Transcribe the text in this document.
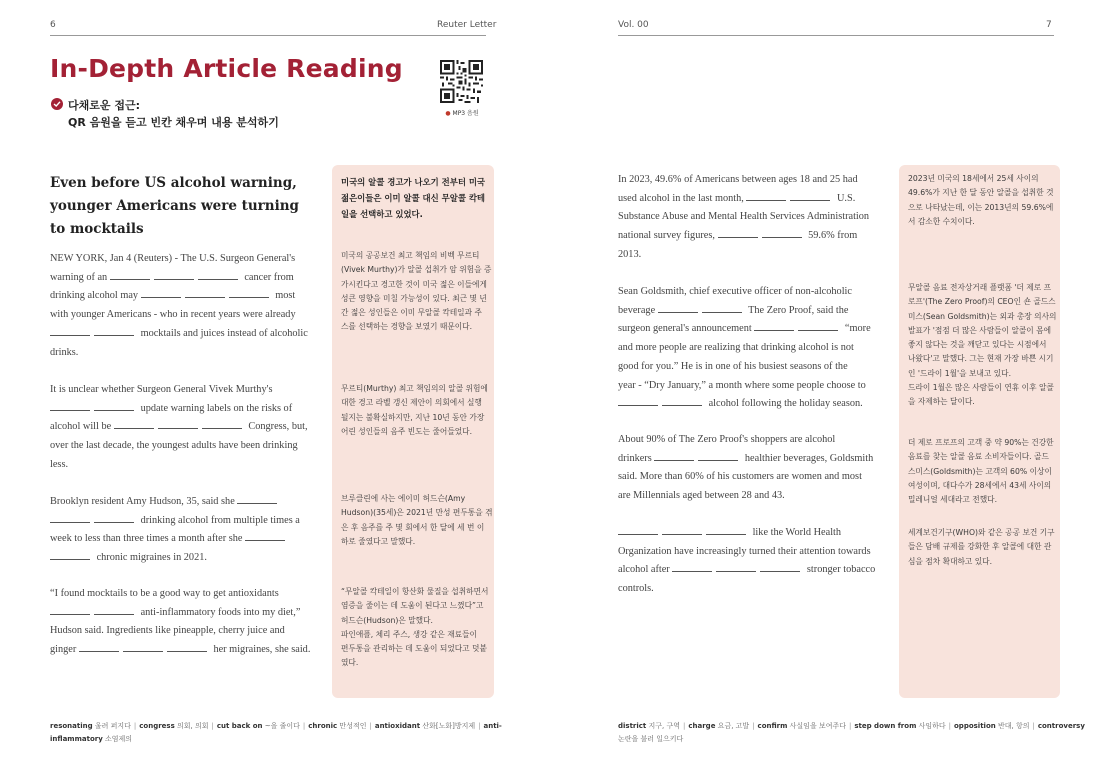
6	Reuter Letter
In-Depth Article Reading
다채로운 접근:
QR 음원을 듣고 빈칸 채우며 내용 분석하기
● MP3 음원
Even before US alcohol warning, younger Americans were turning to mocktails
NEW YORK, Jan 4 (Reuters) - The U.S. Surgeon General's
warning of an	cancer from
drinking alcohol may	most
with younger Americans - who in recent years were already
mocktails and juices instead of alcoholic
drinks.
It is unclear whether Surgeon General Vivek Murthy's
update warning labels on the risks of
alcohol will be	Congress, but,
over the last decade, the youngest adults have been drinking
less.
Brooklyn resident Amy Hudson, 35, said she
drinking alcohol from multiple times a
week to less than three times a month after she
chronic migraines in 2021.
“I found mocktails to be a good way to get antioxidants
anti-inflammatory foods into my diet,”
Hudson said. Ingredients like pineapple, cherry juice and
ginger	her migraines, she said.
미국의 알콜 경고가 나오기 전부터 미국
젊은이들은 이미 알콜 대신 무알콜 칵테
일을 선택하고 있었다.
미국의 공공보건 최고 책임의 비벡 무르티
(Vivek Murthy)가 알콜 섭취가 암 위험을 증
가시킨다고 경고한 것이 미국 젊은 이들에게
성큰 영향을 미칠 가능성이 있다. 최근 몇 년
간 젊은 성인들은 이미 무알콜 칵테일과 주
스를 선택하는 경향을 보였기 때문이다.
무르티(Murthy) 최고 책임의의 알콜 위험에
대한 경고 라벨 갱신 제안이 의회에서 실행
될지는 불확실하지만, 지난 10년 동안 가장
어린 성인들의 음주 빈도는 줄어들었다.
브루클린에 사는 에이미 허드슨(Amy
Hudson)(35세)은 2021년 만성 편두통을 겪
은 후 음주를 주 몇 회에서 한 달에 세 번 이
하로 줄였다고 말했다.
“무알콜 칵테일이 항산화 물질을 섭취하면서
염증을 줄이는 데 도움이 된다고 느꼈다”고
허드슨(Hudson)은 말했다.
파인애플, 체리 주스, 생강 같은 재료들이
편두통을 관리하는 데 도움이 되었다고 덧붙
였다.
resonating 울려 퍼지다 | congress 의회, 의회 | cut back on ~을 줄이다 | chronic 만성적인 | antioxidant 산화[노화]방지제 | anti-
inflammatory 소염제의
Vol. 00	7
In 2023, 49.6% of Americans between ages 18 and 25 had
used alcohol in the last month,	U.S.
Substance Abuse and Mental Health Services Administration
national survey figures,	59.6% from
2013.
Sean Goldsmith, chief executive officer of non-alcoholic
beverage	The Zero Proof, said the
surgeon general's announcement	“more
and more people are realizing that drinking alcohol is not
good for you.” He is in one of his busiest seasons of the
year - “Dry January,” a month where some people choose to
alcohol following the holiday season.
About 90% of The Zero Proof's shoppers are alcohol
drinkers	healthier beverages, Goldsmith
said. More than 60% of his customers are women and most
are Millennials aged between 28 and 43.
like the World Health
Organization have increasingly turned their attention towards
alcohol after	stronger tobacco
controls.
2023년 미국의 18세에서 25세 사이의
49.6%가 지난 한 달 동안 알콜을 섭취한 것
으로 나타났는데, 이는 2013년의 59.6%에
서 감소한 수치이다.
무알콜 음료 전자상거래 플랫폼 '더 제로 프
로프'(The Zero Proof)의 CEO인 숀 골드스
미스(Sean Goldsmith)는 외과 총장 의사의
발표가 '점점 더 많은 사람들이 알콜이 몸에
좋지 않다는 것을 깨닫고 있다는 시점에서
나왔다'고 말했다. 그는 현재 가장 바쁜 시기
인 '드라이 1월'을 보내고 있다.
드라이 1월은 많은 사람들이 연휴 이후 알콜
을 자제하는 달이다.
더 제로 프로프의 고객 중 약 90%는 건강한
음료를 찾는 알콜 음료 소비자들이다. 골드
스미스(Goldsmith)는 고객의 60% 이상이
여성이며, 대다수가 28세에서 43세 사이의
밀레니얼 세대라고 전했다.
세계보건기구(WHO)와 같은 공공 보건 기구
들은 담배 규제를 강화한 후 알콜에 대한 관
심을 점차 확대하고 있다.
district 지구, 구역 | charge 요금, 고발 | confirm 사실임을 보여주다 | step down from 사임하다 | opposition 반대, 항의 | controversy
논란을 불러 일으키다
